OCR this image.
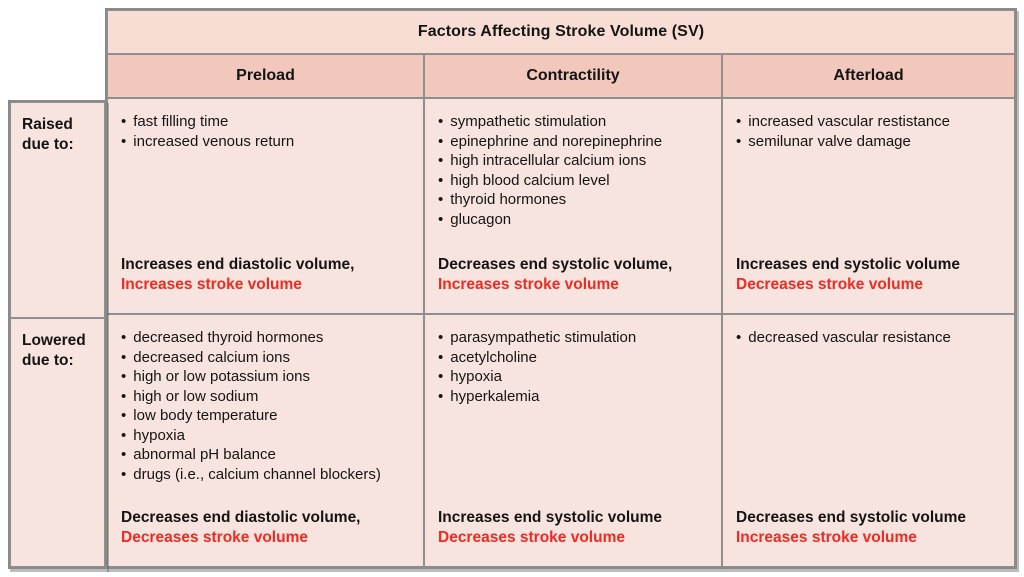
Factors Affecting Stroke Volume (SV)
Preload	Contractility	Afterload
• fast filling time
• increased venous return
Increases end diastolic volume,
Increases stroke volume
• sympathetic stimulation
• epinephrine and norepinephrine
• high intracellular calcium ions
• high blood calcium level
• thyroid hormones
• glucagon
Decreases end systolic volume,
Increases stroke volume
• increased vascular restistance
• semilunar valve damage
Increases end systolic volume
Decreases stroke volume
• decreased thyroid hormones
• decreased calcium ions
• high or low potassium ions
• high or low sodium
• low body temperature
• hypoxia
• abnormal pH balance
• drugs (i.e., calcium channel blockers)
Decreases end diastolic volume,
Decreases stroke volume
• parasympathetic stimulation
• acetylcholine
• hypoxia
• hyperkalemia
Increases end systolic volume
Decreases stroke volume
• decreased vascular resistance
Decreases end systolic volume
Increases stroke volume
Raised
due to:
Lowered
due to:
